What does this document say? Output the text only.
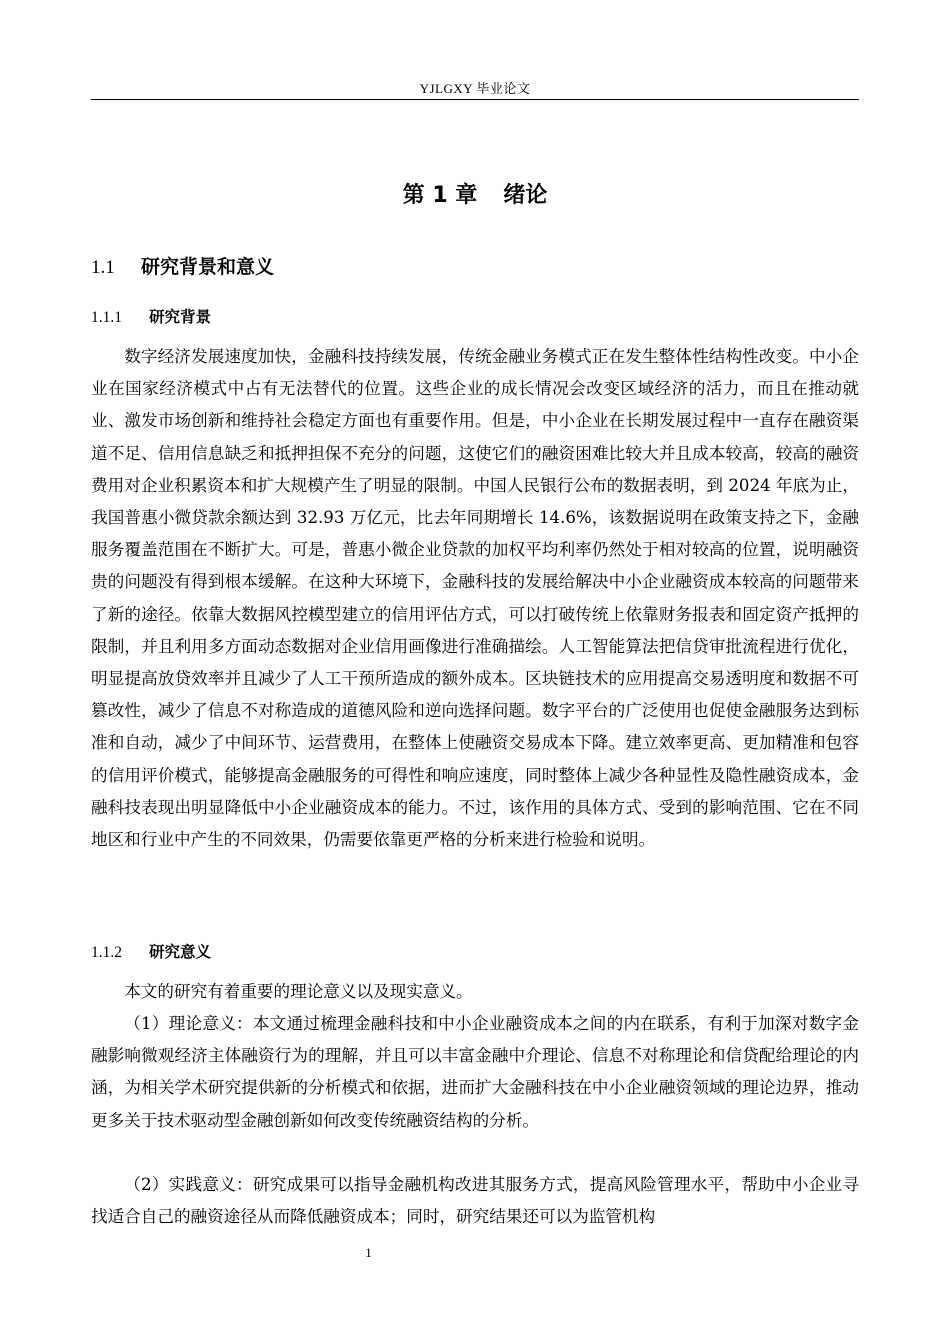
YJLGXY 毕业论文
第 1 章 绪论
1.1 研究背景和意义
1.1.1 研究背景

数字经济发展速度加快，金融科技持续发展，传统金融业务模式正在发生整体性结构性改变。中小企业在国家经济模式中占有无法替代的位置。这些企业的成长情况会改变区域经济的活力，而且在推动就业、激发市场创新和维持社会稳定方面也有重要作用。但是，中小企业在长期发展过程中一直存在融资渠道不足、信用信息缺乏和抵押担保不充分的问题，这使它们的融资困难比较大并且成本较高，较高的融资费用对企业积累资本和扩大规模产生了明显的限制。中国人民银行公布的数据表明，到 2024 年底为止，我国普惠小微贷款余额达到 32.93 万亿元，比去年同期增长 14.6%，该数据说明在政策支持之下，金融服务覆盖范围在不断扩大。可是，普惠小微企业贷款的加权平均利率仍然处于相对较高的位置，说明融资贵的问题没有得到根本缓解。在这种大环境下，金融科技的发展给解决中小企业融资成本较高的问题带来了新的途径。依靠大数据风控模型建立的信用评估方式，可以打破传统上依靠财务报表和固定资产抵押的限制，并且利用多方面动态数据对企业信用画像进行准确描绘。人工智能算法把信贷审批流程进行优化，明显提高放贷效率并且减少了人工干预所造成的额外成本。区块链技术的应用提高交易透明度和数据不可篡改性，减少了信息不对称造成的道德风险和逆向选择问题。数字平台的广泛使用也促使金融服务达到标准和自动，减少了中间环节、运营费用，在整体上使融资交易成本下降。建立效率更高、更加精准和包容的信用评价模式，能够提高金融服务的可得性和响应速度，同时整体上减少各种显性及隐性融资成本，金融科技表现出明显降低中小企业融资成本的能力。不过，该作用的具体方式、受到的影响范围、它在不同地区和行业中产生的不同效果，仍需要依靠更严格的分析来进行检验和说明。

1.1.2 研究意义

本文的研究有着重要的理论意义以及现实意义。

（1）理论意义：本文通过梳理金融科技和中小企业融资成本之间的内在联系，有利于加深对数字金融影响微观经济主体融资行为的理解，并且可以丰富金融中介理论、信息不对称理论和信贷配给理论的内涵，为相关学术研究提供新的分析模式和依据，进而扩大金融科技在中小企业融资领域的理论边界，推动更多关于技术驱动型金融创新如何改变传统融资结构的分析。

（2）实践意义：研究成果可以指导金融机构改进其服务方式，提高风险管理水平，帮助中小企业寻找适合自己的融资途径从而降低融资成本；同时，研究结果还可以为监管机构

1
